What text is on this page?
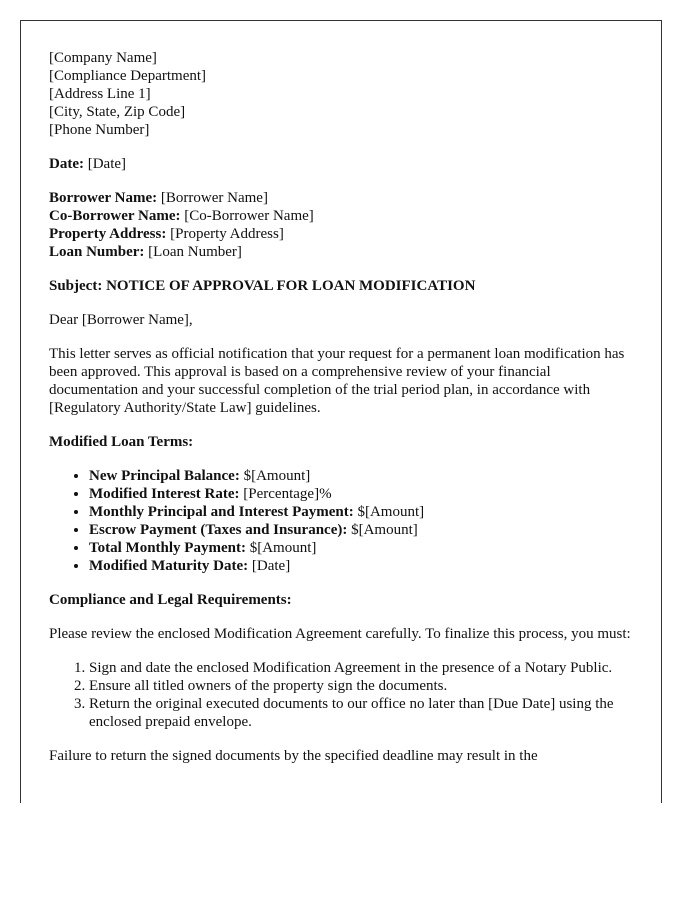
[Company Name]
[Compliance Department]
[Address Line 1]
[City, State, Zip Code]
[Phone Number]

Date: [Date]

Borrower Name: [Borrower Name]
Co-Borrower Name: [Co-Borrower Name]
Property Address: [Property Address]
Loan Number: [Loan Number]

Subject: NOTICE OF APPROVAL FOR LOAN MODIFICATION

Dear [Borrower Name],

This letter serves as official notification that your request for a permanent loan modification has been approved. This approval is based on a comprehensive review of your financial documentation and your successful completion of the trial period plan, in accordance with [Regulatory Authority/State Law] guidelines.

Modified Loan Terms:

• New Principal Balance: $[Amount]
• Modified Interest Rate: [Percentage]%
• Monthly Principal and Interest Payment: $[Amount]
• Escrow Payment (Taxes and Insurance): $[Amount]
• Total Monthly Payment: $[Amount]
• Modified Maturity Date: [Date]

Compliance and Legal Requirements:

Please review the enclosed Modification Agreement carefully. To finalize this process, you must:

1. Sign and date the enclosed Modification Agreement in the presence of a Notary Public.
2. Ensure all titled owners of the property sign the documents.
3. Return the original executed documents to our office no later than [Due Date] using the enclosed prepaid envelope.

Failure to return the signed documents by the specified deadline may result in the
